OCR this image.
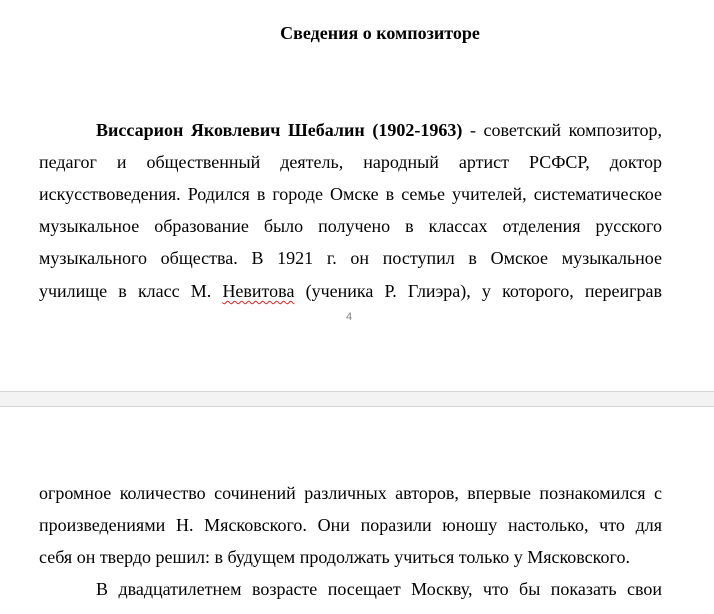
Сведения о композиторе
Виссарион Яковлевич Шебалин (1902-1963) - советский композитор,
педагог и общественный деятель, народный артист РСФСР, доктор
искусствоведения. Родился в городе Омске в семье учителей, систематическое
музыкальное образование было получено в классах отделения русского
музыкального общества. В 1921 г. он поступил в Омское музыкальное
училище в класс М. Невитова (ученика Р. Глиэра), у которого, переиграв
4
огромное количество сочинений различных авторов, впервые познакомился с
произведениями Н. Мясковского. Они поразили юношу настолько, что для
себя он твердо решил: в будущем продолжать учиться только у Мясковского.
В двадцатилетнем возрасте посещает Москву, что бы показать свои
